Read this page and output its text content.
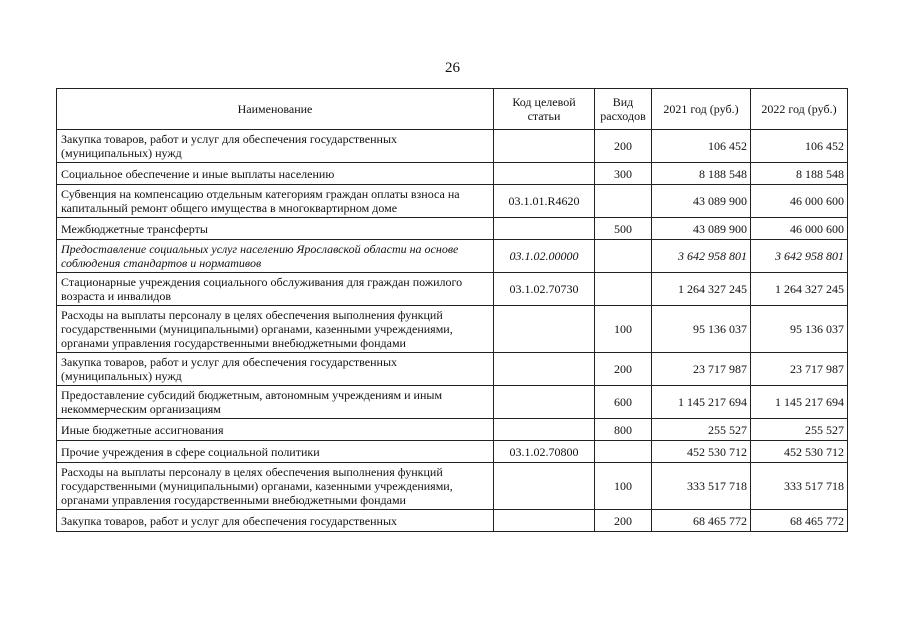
26
Наименование	Код целевой статьи	Вид расходов	2021 год (руб.)	2022 год (руб.)
Закупка товаров, работ и услуг для обеспечения государственных (муниципальных) нужд		200	106 452	106 452
Социальное обеспечение и иные выплаты населению		300	8 188 548	8 188 548
Субвенция на компенсацию отдельным категориям граждан оплаты взноса на капитальный ремонт общего имущества в многоквартирном доме	03.1.01.R4620		43 089 900	46 000 600
Межбюджетные трансферты		500	43 089 900	46 000 600
Предоставление социальных услуг населению Ярославской области на основе соблюдения стандартов и нормативов	03.1.02.00000		3 642 958 801	3 642 958 801
Стационарные учреждения социального обслуживания для граждан пожилого возраста и инвалидов	03.1.02.70730		1 264 327 245	1 264 327 245
Расходы на выплаты персоналу в целях обеспечения выполнения функций государственными (муниципальными) органами, казенными учреждениями, органами управления государственными внебюджетными фондами		100	95 136 037	95 136 037
Закупка товаров, работ и услуг для обеспечения государственных (муниципальных) нужд		200	23 717 987	23 717 987
Предоставление субсидий бюджетным, автономным учреждениям и иным некоммерческим организациям		600	1 145 217 694	1 145 217 694
Иные бюджетные ассигнования		800	255 527	255 527
Прочие учреждения в сфере социальной политики	03.1.02.70800		452 530 712	452 530 712
Расходы на выплаты персоналу в целях обеспечения выполнения функций государственными (муниципальными) органами, казенными учреждениями, органами управления государственными внебюджетными фондами		100	333 517 718	333 517 718
Закупка товаров, работ и услуг для обеспечения государственных		200	68 465 772	68 465 772
